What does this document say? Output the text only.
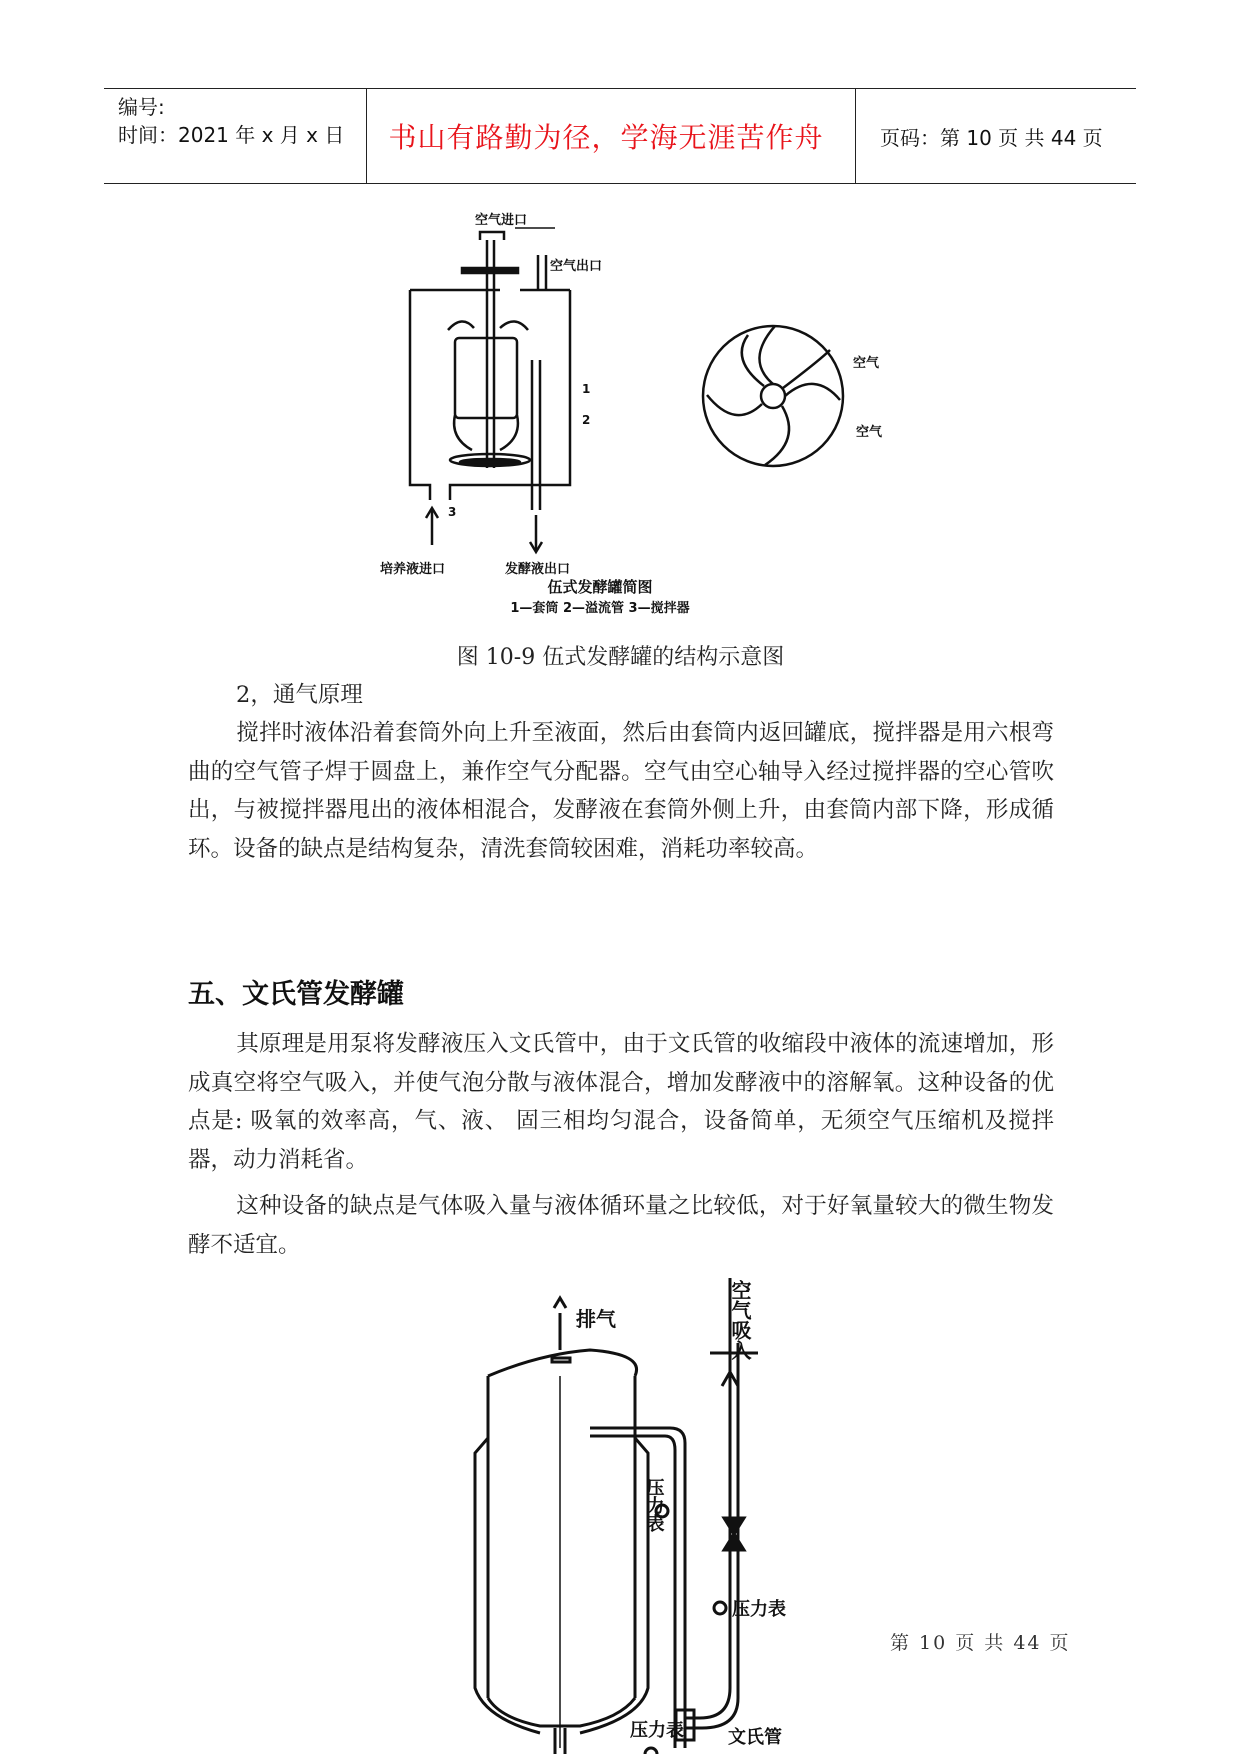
编号:
时间：2021 年 x 月 x 日	书山有路勤为径，学海无涯苦作舟	页码：第 10 页 共 44 页
空气进口
空气出口
1
2
3
培养液进口	发酵液出口
空气
空气
伍式发酵罐简图
1—套筒 2—溢流管 3—搅拌器
图 10-9 伍式发酵罐的结构示意图

2，通气原理

搅拌时液体沿着套筒外向上升至液面，然后由套筒内返回罐底，搅拌器是用六根弯曲的空气管子焊于圆盘上，兼作空气分配器。空气由空心轴导入经过搅拌器的空心管吹出，与被搅拌器甩出的液体相混合，发酵液在套筒外侧上升，由套筒内部下降，形成循环。设备的缺点是结构复杂，清洗套筒较困难，消耗功率较高。

五、文氏管发酵罐

其原理是用泵将发酵液压入文氏管中，由于文氏管的收缩段中液体的流速增加，形成真空将空气吸入，并使气泡分散与液体混合，增加发酵液中的溶解氧。这种设备的优点是: 吸氧的效率高，气、液、 固三相均匀混合，设备简单，无须空气压缩机及搅拌器，动力消耗省。

这种设备的缺点是气体吸入量与液体循环量之比较低，对于好氧量较大的微生物发酵不适宜。

排气	空气吸入
压力表
压力表
文氏管
压力表
第 10 页 共 44 页
